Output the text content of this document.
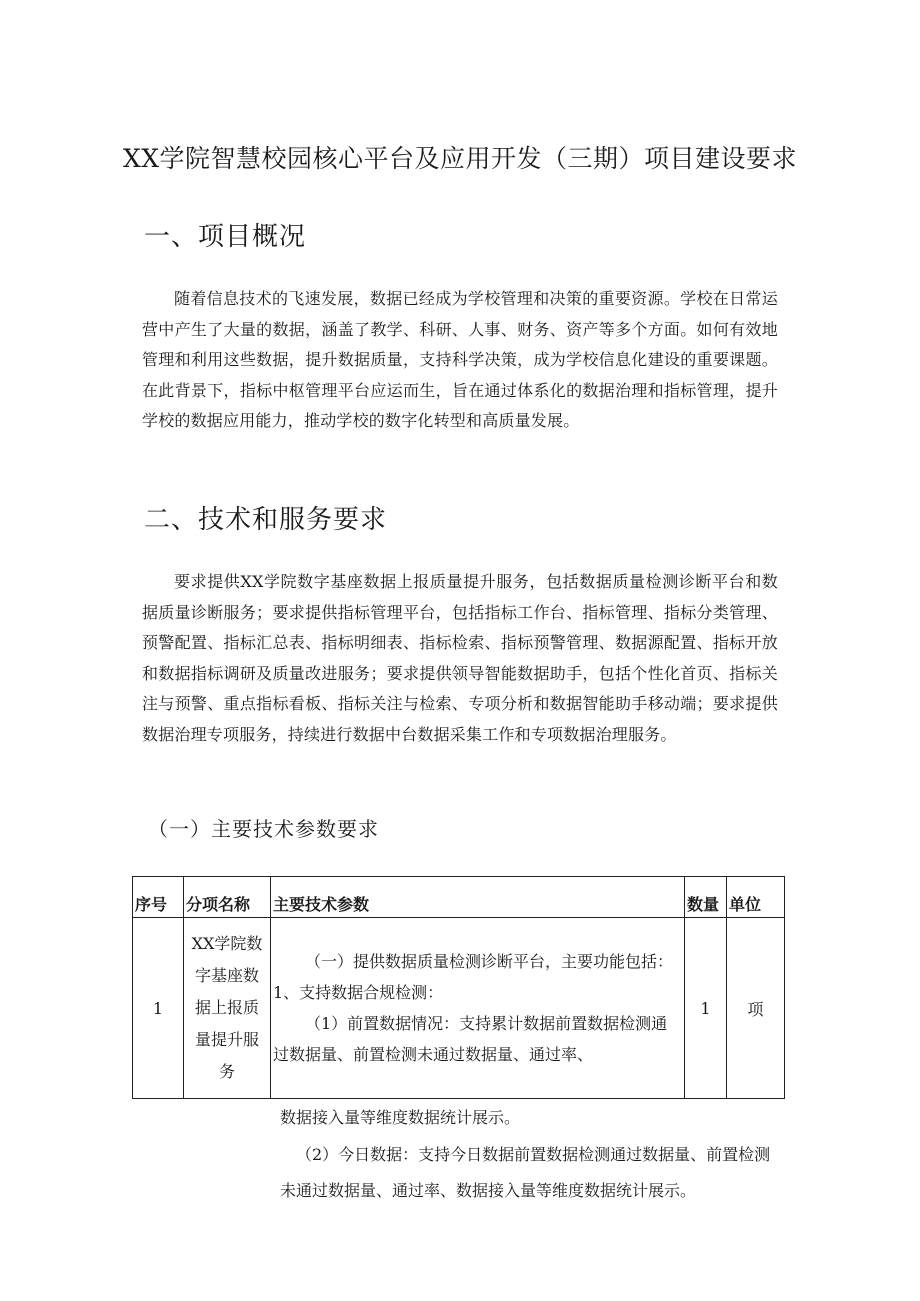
XX学院智慧校园核心平台及应用开发（三期）项目建设要求
一、项目概况

随着信息技术的飞速发展，数据已经成为学校管理和决策的重要资源。学校在日常运营中产生了大量的数据，涵盖了教学、科研、人事、财务、资产等多个方面。如何有效地管理和利用这些数据，提升数据质量，支持科学决策，成为学校信息化建设的重要课题。在此背景下，指标中枢管理平台应运而生，旨在通过体系化的数据治理和指标管理，提升学校的数据应用能力，推动学校的数字化转型和高质量发展。

二、技术和服务要求

要求提供XX学院数字基座数据上报质量提升服务，包括数据质量检测诊断平台和数据质量诊断服务；要求提供指标管理平台，包括指标工作台、指标管理、指标分类管理、预警配置、指标汇总表、指标明细表、指标检索、指标预警管理、数据源配置、指标开放和数据指标调研及质量改进服务；要求提供领导智能数据助手，包括个性化首页、指标关注与预警、重点指标看板、指标关注与检索、专项分析和数据智能助手移动端；要求提供数据治理专项服务，持续进行数据中台数据采集工作和专项数据治理服务。

（一）主要技术参数要求
序号	分项名称	主要技术参数	数量	单位
1	XX学院数字基座数据上报质量提升服务	（一）提供数据质量检测诊断平台，主要功能包括：

1、支持数据合规检测：

（1）前置数据情况：支持累计数据前置数据检测通过数据量、前置检测未通过数据量、通过率、	1	项

数据接入量等维度数据统计展示。

（2）今日数据：支持今日数据前置数据检测通过数据量、前置检测未通过数据量、通过率、数据接入量等维度数据统计展示。
